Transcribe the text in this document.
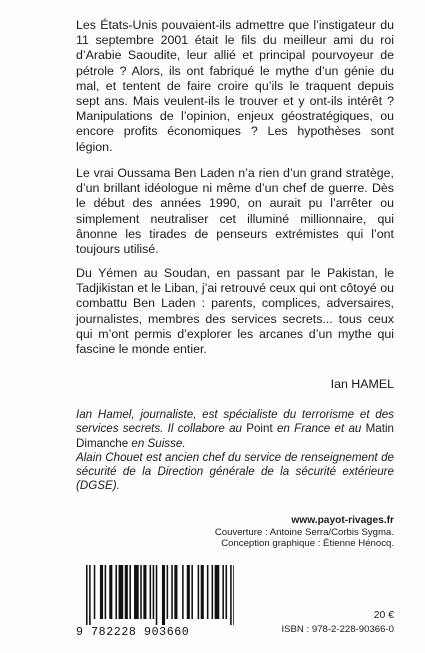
Les États-Unis pouvaient-ils admettre que l’instigateur du 11 septembre 2001 était le fils du meilleur ami du roi d’Arabie Saoudite, leur allié et principal pourvoyeur de pétrole ? Alors, ils ont fabriqué le mythe d’un génie du mal, et tentent de faire croire qu’ils le traquent depuis sept ans. Mais veulent-ils le trouver et y ont-ils intérêt ? Manipulations de l’opinion, enjeux géostratégiques, ou encore profits économiques ? Les hypothèses sont légion.

Le vrai Oussama Ben Laden n’a rien d’un grand stratège, d’un brillant idéologue ni même d’un chef de guerre. Dès le début des années 1990, on aurait pu l’arrêter ou simplement neutraliser cet illuminé millionnaire, qui ânonne les tirades de penseurs extrémistes qui l’ont toujours utilisé.

Du Yémen au Soudan, en passant par le Pakistan, le Tadjikistan et le Liban, j’ai retrouvé ceux qui ont côtoyé ou combattu Ben Laden : parents, complices, adversaires, journalistes, membres des services secrets... tous ceux qui m’ont permis d’explorer les arcanes d’un mythe qui fascine le monde entier.

Ian HAMEL

Ian Hamel, journaliste, est spécialiste du terrorisme et des services secrets. Il collabore au Point en France et au Matin Dimanche en Suisse.

Alain Chouet est ancien chef du service de renseignement de sécurité de la Direction générale de la sécurité extérieure (DGSE).

www.payot-rivages.fr
Couverture : Antoine Serra/Corbis Sygma.
Conception graphique : Étienne Hénocq.
9 782228 903660
20 €
ISBN : 978-2-228-90366-0
